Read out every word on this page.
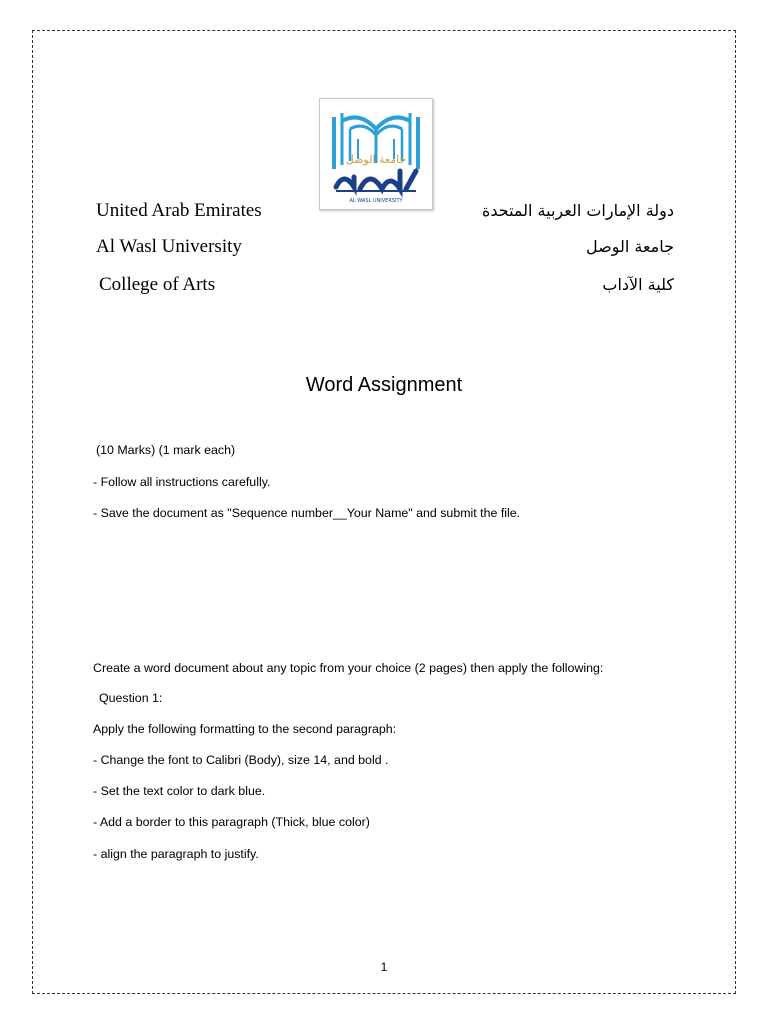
جامعة الوصل
AL WASL UNIVERSITY
United Arab Emirates
Al Wasl University
College of Arts
دولة الإمارات العربية المتحدة
جامعة الوصل
كلية الآداب
Word Assignment
(10 Marks) (1 mark each)
- Follow all instructions carefully.
- Save the document as "Sequence number__Your Name" and submit the file.
Create a word document about any topic from your choice (2 pages) then apply the following:
Question 1:
Apply the following formatting to the second paragraph:
- Change the font to Calibri (Body), size 14, and bold .
- Set the text color to dark blue.
- Add a border to this paragraph (Thick, blue color)
- align the paragraph to justify.
1
